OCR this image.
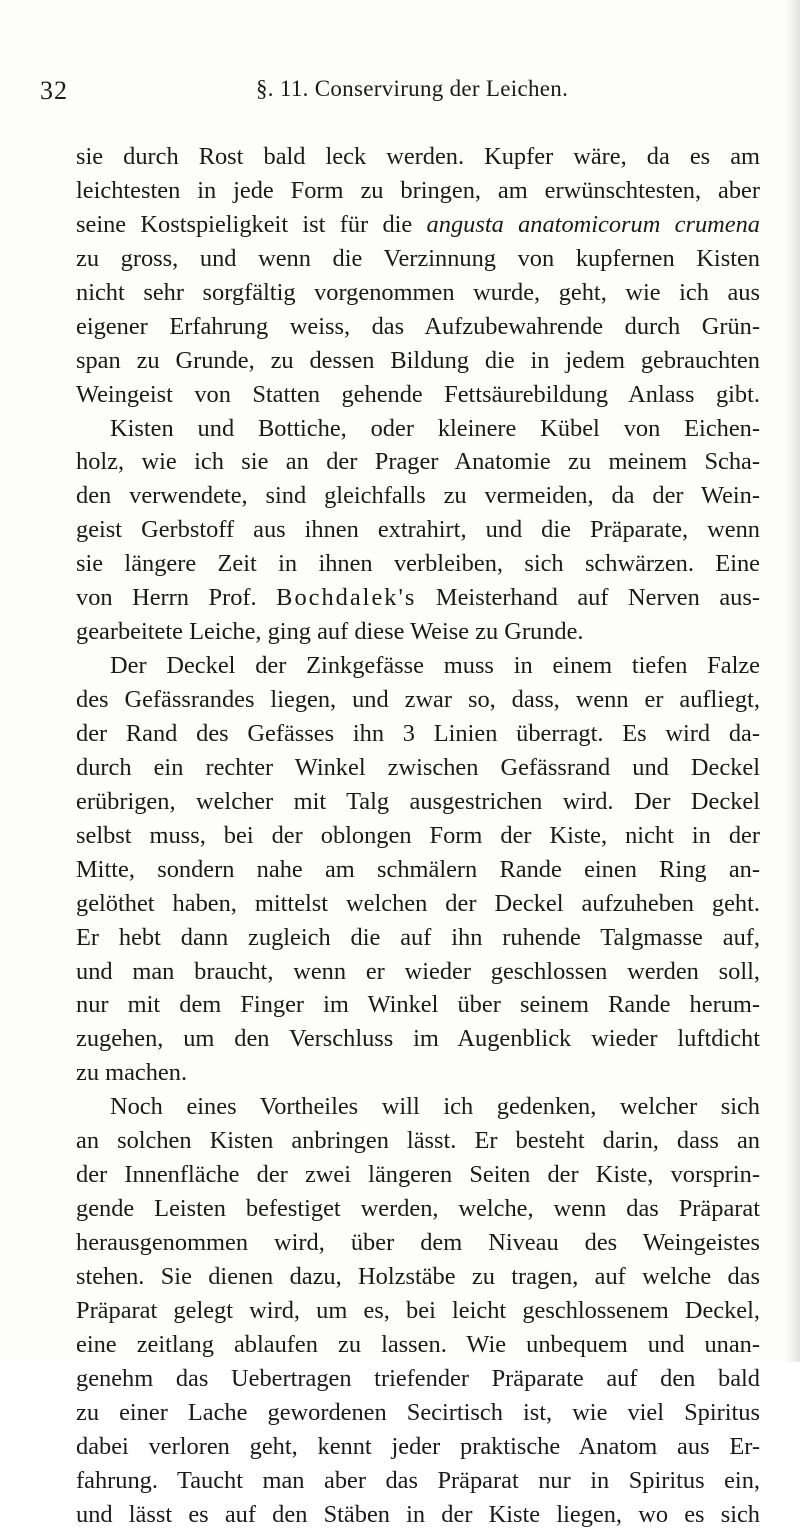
32	§. 11. Conservirung der Leichen.
sie durch Rost bald leck werden. Kupfer wäre, da es am
leichtesten in jede Form zu bringen, am erwünschtesten, aber
seine Kostspieligkeit ist für die angusta anatomicorum crumena
zu gross, und wenn die Verzinnung von kupfernen Kisten
nicht sehr sorgfältig vorgenommen wurde, geht, wie ich aus
eigener Erfahrung weiss, das Aufzubewahrende durch Grün-
span zu Grunde, zu dessen Bildung die in jedem gebrauchten
Weingeist von Statten gehende Fettsäurebildung Anlass gibt.
Kisten und Bottiche, oder kleinere Kübel von Eichen-
holz, wie ich sie an der Prager Anatomie zu meinem Scha-
den verwendete, sind gleichfalls zu vermeiden, da der Wein-
geist Gerbstoff aus ihnen extrahirt, und die Präparate, wenn
sie längere Zeit in ihnen verbleiben, sich schwärzen. Eine
von Herrn Prof. Bochdalek's Meisterhand auf Nerven aus-
gearbeitete Leiche, ging auf diese Weise zu Grunde.
Der Deckel der Zinkgefässe muss in einem tiefen Falze
des Gefässrandes liegen, und zwar so, dass, wenn er aufliegt,
der Rand des Gefässes ihn 3 Linien überragt. Es wird da-
durch ein rechter Winkel zwischen Gefässrand und Deckel
erübrigen, welcher mit Talg ausgestrichen wird. Der Deckel
selbst muss, bei der oblongen Form der Kiste, nicht in der
Mitte, sondern nahe am schmälern Rande einen Ring an-
gelöthet haben, mittelst welchen der Deckel aufzuheben geht.
Er hebt dann zugleich die auf ihn ruhende Talgmasse auf,
und man braucht, wenn er wieder geschlossen werden soll,
nur mit dem Finger im Winkel über seinem Rande herum-
zugehen, um den Verschluss im Augenblick wieder luftdicht
zu machen.
Noch eines Vortheiles will ich gedenken, welcher sich
an solchen Kisten anbringen lässt. Er besteht darin, dass an
der Innenfläche der zwei längeren Seiten der Kiste, vorsprin-
gende Leisten befestiget werden, welche, wenn das Präparat
herausgenommen wird, über dem Niveau des Weingeistes
stehen. Sie dienen dazu, Holzstäbe zu tragen, auf welche das
Präparat gelegt wird, um es, bei leicht geschlossenem Deckel,
eine zeitlang ablaufen zu lassen. Wie unbequem und unan-
genehm das Uebertragen triefender Präparate auf den bald
zu einer Lache gewordenen Secirtisch ist, wie viel Spiritus
dabei verloren geht, kennt jeder praktische Anatom aus Er-
fahrung. Taucht man aber das Präparat nur in Spiritus ein,
und lässt es auf den Stäben in der Kiste liegen, wo es sich
